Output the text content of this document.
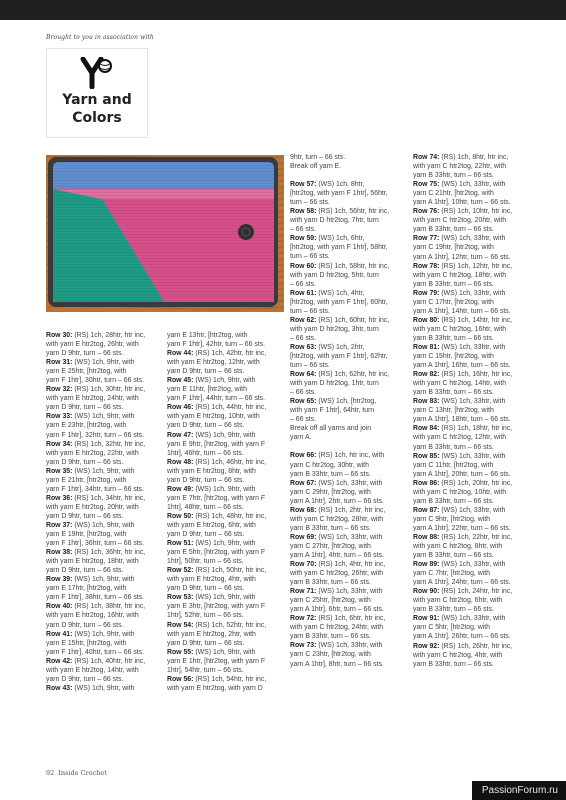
Brought to you in association with
Yarn and
Colors

Row 30: (RS) 1ch, 28htr, htr inc,

with yarn E htr2tog, 26htr, with

yarn D 9htr, turn – 66 sts.

Row 31: (WS) 1ch, 9htr, with

yarn E 25htr, [htr2tog, with

yarn F 1htr], 30htr, turn – 66 sts.

Row 32: (RS) 1ch, 30htr, htr inc,

with yarn E htr2tog, 24htr, with

yarn D 9htr, turn – 66 sts.

Row 33: (WS) 1ch, 9htr, with

yarn E 23htr, [htr2tog, with

yarn F 1htr], 32htr, turn – 66 sts.

Row 34: (RS) 1ch, 32htr, htr inc,

with yarn E htr2tog, 22htr, with

yarn D 9htr, turn – 66 sts.

Row 35: (WS) 1ch, 9htr, with

yarn E 21htr, [htr2tog, with

yarn F 1htr], 34htr, turn – 66 sts.

Row 36: (RS) 1ch, 34htr, htr inc,

with yarn E htr2tog, 20htr, with

yarn D 9htr, turn – 66 sts.

Row 37: (WS) 1ch, 9htr, with

yarn E 19htr, [htr2tog, with

yarn F 1htr], 36htr, turn – 66 sts.

Row 38: (RS) 1ch, 36htr, htr inc,

with yarn E htr2tog, 18htr, with

yarn D 9htr, turn – 66 sts.

Row 39: (WS) 1ch, 9htr, with

yarn E 17htr, [htr2tog, with

yarn F 1htr], 38htr, turn – 66 sts.

Row 40: (RS) 1ch, 38htr, htr inc,

with yarn E htr2tog, 16htr, with

yarn D 9htr, turn – 66 sts.

Row 41: (WS) 1ch, 9htr, with

yarn E 15htr, [htr2tog, with

yarn F 1htr], 40htr, turn – 66 sts.

Row 42: (RS) 1ch, 40htr, htr inc,

with yarn E htr2tog, 14htr, with

yarn D 9htr, turn – 66 sts.

Row 43: (WS) 1ch, 9htr, with

yarn E 13htr, [htr2tog, with

yarn F 1htr], 42htr, turn – 66 sts.

Row 44: (RS) 1ch, 42htr, htr inc,

with yarn E htr2tog, 12htr, with

yarn D 9htr, turn – 66 sts.

Row 45: (WS) 1ch, 9htr, with

yarn E 11htr, [htr2tog, with

yarn F 1htr], 44htr, turn – 66 sts.

Row 46: (RS) 1ch, 44htr, htr inc,

with yarn E htr2tog, 10htr, with

yarn D 9htr, turn – 66 sts.

Row 47: (WS) 1ch, 9htr, with

yarn E 9htr, [htr2tog, with yarn F

1htr], 46htr, turn – 66 sts.

Row 48: (RS) 1ch, 46htr, htr inc,

with yarn E htr2tog, 8htr, with

yarn D 9htr, turn – 66 sts.

Row 49: (WS) 1ch, 9htr, with

yarn E 7htr, [htr2tog, with yarn F

1htr], 48htr, turn – 66 sts.

Row 50: (RS) 1ch, 48htr, htr inc,

with yarn E htr2tog, 6htr, with

yarn D 9htr, turn – 66 sts.

Row 51: (WS) 1ch, 9htr, with

yarn E 5htr, [htr2tog, with yarn F

1htr], 50htr, turn – 66 sts.

Row 52: (RS) 1ch, 50htr, htr inc,

with yarn E htr2tog, 4htr, with

yarn D 9htr, turn – 66 sts.

Row 53: (WS) 1ch, 9htr, with

yarn E 3htr, [htr2tog, with yarn F

1htr], 52htr, turn – 66 sts.

Row 54: (RS) 1ch, 52htr, htr inc,

with yarn E htr2tog, 2htr, with

yarn D 9htr, turn – 66 sts.

Row 55: (WS) 1ch, 9htr, with

yarn E 1htr, [htr2tog, with yarn F

1htr], 54htr, turn – 66 sts.

Row 56: (RS) 1ch, 54htr, htr inc,

with yarn E htr2tog, with yarn D

9htr, turn – 66 sts.

Break off yarn E.

Row 57: (WS) 1ch, 8htr,

[htr2tog, with yarn F 1htr], 56htr,

turn – 66 sts.

Row 58: (RS) 1ch, 56htr, htr inc,

with yarn D htr2tog, 7htr, turn

– 66 sts.

Row 59: (WS) 1ch, 6htr,

[htr2tog, with yarn F 1htr], 58htr,

turn – 66 sts.

Row 60: (RS) 1ch, 58htr, htr inc,

with yarn D htr2tog, 5htr, turn

– 66 sts.

Row 61: (WS) 1ch, 4htr,

[htr2tog, with yarn F 1htr], 60htr,

turn – 66 sts.

Row 62: (RS) 1ch, 60htr, htr inc,

with yarn D htr2tog, 3htr, turn

– 66 sts.

Row 63: (WS) 1ch, 2htr,

[htr2tog, with yarn F 1htr], 62htr,

turn – 66 sts.

Row 64: (RS) 1ch, 62htr, htr inc,

with yarn D htr2tog, 1htr, turn

– 66 sts.

Row 65: (WS) 1ch, [htr2tog,

with yarn F 1htr], 64htr, turn

– 66 sts.

Break off all yarns and join

yarn A.

Row 66: (RS) 1ch, htr inc, with

yarn C htr2tog, 30htr, with

yarn B 33htr, turn – 66 sts.

Row 67: (WS) 1ch, 33htr, with

yarn C 29htr, [htr2tog, with

yarn A 1htr], 2htr, turn – 66 sts.

Row 68: (RS) 1ch, 2htr, htr inc,

with yarn C htr2tog, 28htr, with

yarn B 33htr, turn – 66 sts.

Row 69: (WS) 1ch, 33htr, with

yarn C 27htr, [htr2tog, with

yarn A 1htr], 4htr, turn – 66 sts.

Row 70: (RS) 1ch, 4htr, htr inc,

with yarn C htr2tog, 26htr, with

yarn B 33htr, turn – 66 sts.

Row 71: (WS) 1ch, 33htr, with

yarn C 25htr, [htr2tog, with

yarn A 1htr], 6htr, turn – 66 sts.

Row 72: (RS) 1ch, 6htr, htr inc,

with yarn C htr2tog, 24htr, with

yarn B 33htr, turn – 66 sts.

Row 73: (WS) 1ch, 33htr, with

yarn C 23htr, [htr2tog, with

yarn A 1htr], 8htr, turn – 66 sts.

Row 74: (RS) 1ch, 8htr, htr inc,

with yarn C htr2tog, 22htr, with

yarn B 33htr, turn – 66 sts.

Row 75: (WS) 1ch, 33htr, with

yarn C 21htr, [htr2tog, with

yarn A 1htr], 10htr, turn – 66 sts.

Row 76: (RS) 1ch, 10htr, htr inc,

with yarn C htr2tog, 20htr, with

yarn B 33htr, turn – 66 sts.

Row 77: (WS) 1ch, 33htr, with

yarn C 19htr, [htr2tog, with

yarn A 1htr], 12htr, turn – 66 sts.

Row 78: (RS) 1ch, 12htr, htr inc,

with yarn C htr2tog, 18htr, with

yarn B 33htr, turn – 66 sts.

Row 79: (WS) 1ch, 33htr, with

yarn C 17htr, [htr2tog, with

yarn A 1htr], 14htr, turn – 66 sts.

Row 80: (RS) 1ch, 14htr, htr inc,

with yarn C htr2tog, 16htr, with

yarn B 33htr, turn – 66 sts.

Row 81: (WS) 1ch, 33htr, with

yarn C 15htr, [htr2tog, with

yarn A 1htr], 16htr, turn – 66 sts.

Row 82: (RS) 1ch, 16htr, htr inc,

with yarn C htr2tog, 14htr, with

yarn B 33htr, turn – 66 sts.

Row 83: (WS) 1ch, 33htr, with

yarn C 13htr, [htr2tog, with

yarn A 1htr], 18htr, turn – 66 sts.

Row 84: (RS) 1ch, 18htr, htr inc,

with yarn C htr2tog, 12htr, with

yarn B 33htr, turn – 66 sts.

Row 85: (WS) 1ch, 33htr, with

yarn C 11htr, [htr2tog, with

yarn A 1htr], 20htr, turn – 66 sts.

Row 86: (RS) 1ch, 20htr, htr inc,

with yarn C htr2tog, 10htr, with

yarn B 33htr, turn – 66 sts.

Row 87: (WS) 1ch, 33htr, with

yarn C 9htr, [htr2tog, with

yarn A 1htr], 22htr, turn – 66 sts.

Row 88: (RS) 1ch, 22htr, htr inc,

with yarn C htr2tog, 8htr, with

yarn B 33htr, turn – 66 sts.

Row 89: (WS) 1ch, 33htr, with

yarn C 7htr, [htr2tog, with

yarn A 1htr], 24htr, turn – 66 sts.

Row 90: (RS) 1ch, 24htr, htr inc,

with yarn C htr2tog, 6htr, with

yarn B 33htr, turn – 66 sts.

Row 91: (WS) 1ch, 33htr, with

yarn C 5htr, [htr2tog, with

yarn A 1htr], 26htr, turn – 66 sts.

Row 92: (RS) 1ch, 26htr, htr inc,

with yarn C htr2tog, 4htr, with

yarn B 33htr, turn – 66 sts.

92 Inside Crochet
PassionForum.ru
